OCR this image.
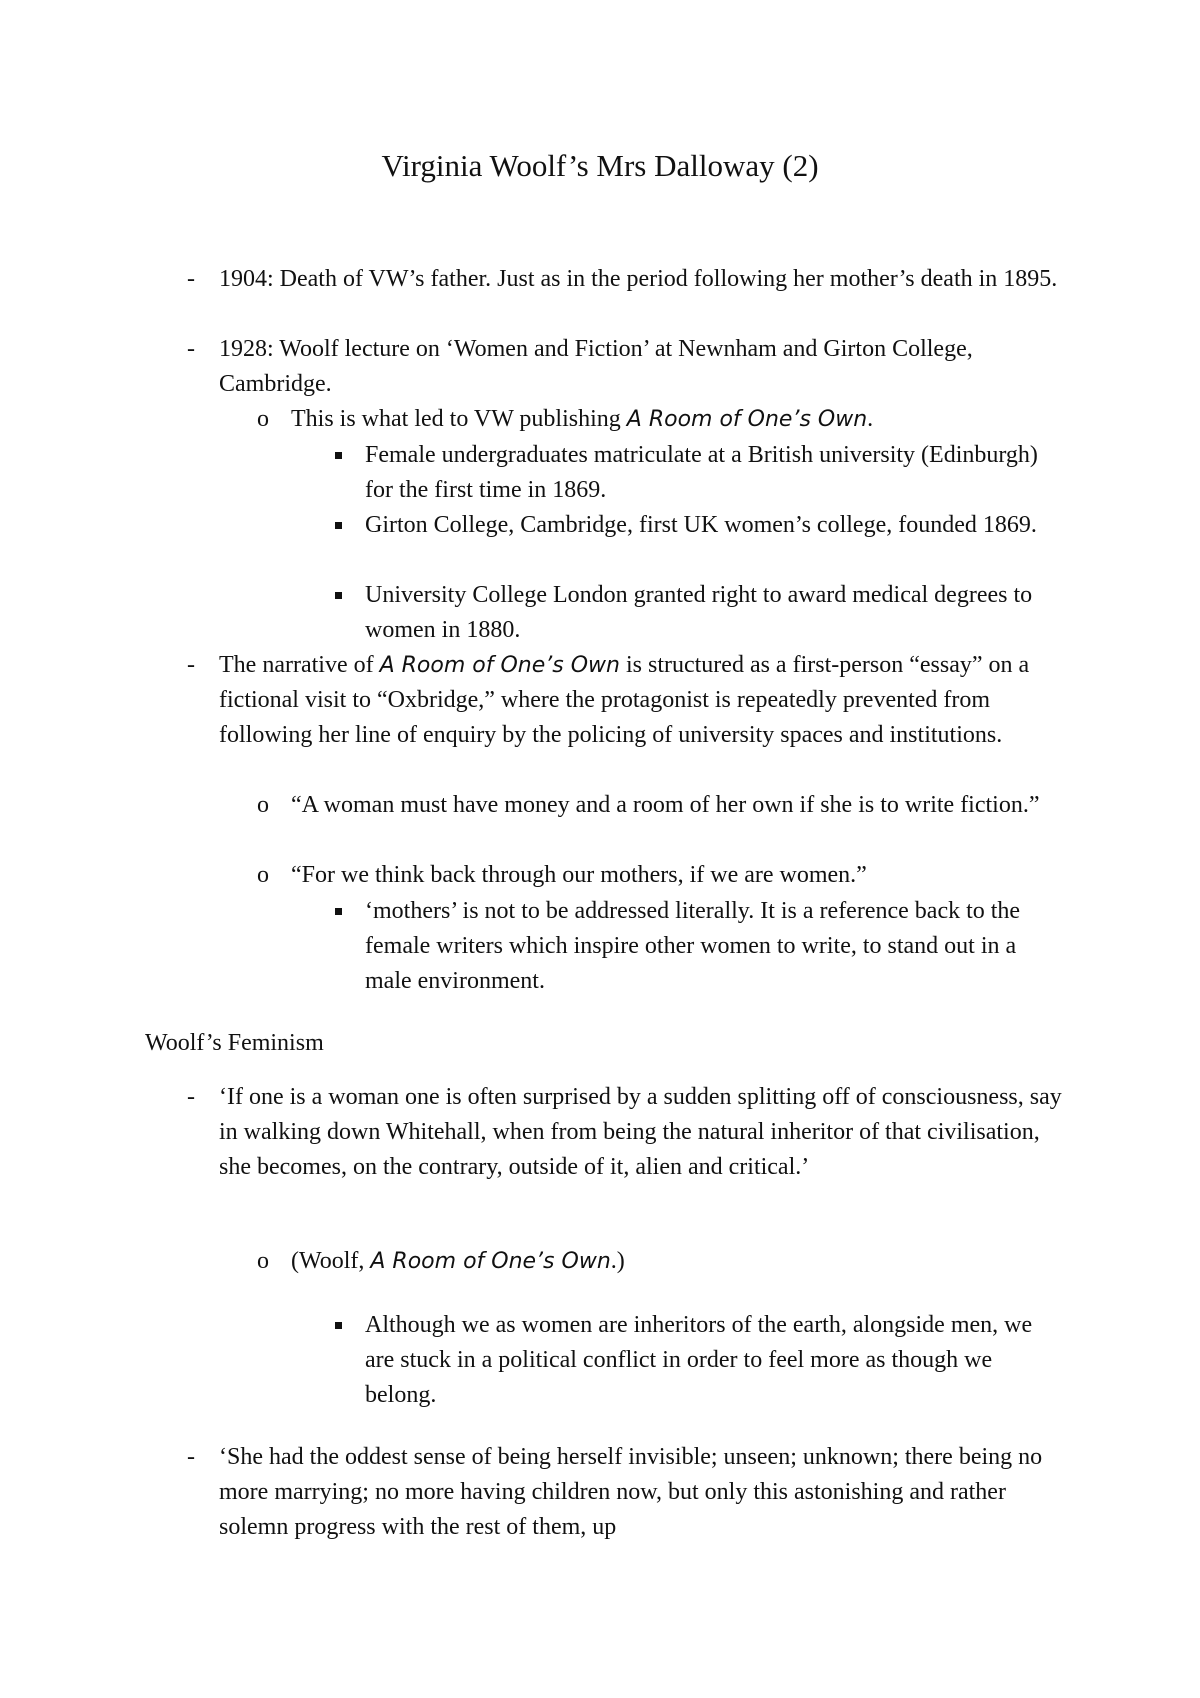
Virginia Woolf’s Mrs Dalloway (2)
- 1904: Death of VW’s father. Just as in the period following her mother’s death in 1895.
- 1928: Woolf lecture on ‘Women and Fiction’ at Newnham and Girton College, Cambridge.
o This is what led to VW publishing A Room of One’s Own.
Female undergraduates matriculate at a British university (Edinburgh) for the first time in 1869.
Girton College, Cambridge, first UK women’s college, founded 1869.
University College London granted right to award medical degrees to women in 1880.
- The narrative of A Room of One’s Own is structured as a first-person “essay” on a fictional visit to “Oxbridge,” where the protagonist is repeatedly prevented from following her line of enquiry by the policing of university spaces and institutions.
o “A woman must have money and a room of her own if she is to write fiction.”
o “For we think back through our mothers, if we are women.”
‘mothers’ is not to be addressed literally. It is a reference back to the female writers which inspire other women to write, to stand out in a male environment.
Woolf’s Feminism
- ‘If one is a woman one is often surprised by a sudden splitting off of consciousness, say in walking down Whitehall, when from being the natural inheritor of that civilisation, she becomes, on the contrary, outside of it, alien and critical.’
o (Woolf, A Room of One’s Own.)
Although we as women are inheritors of the earth, alongside men, we are stuck in a political conflict in order to feel more as though we belong.
- ‘She had the oddest sense of being herself invisible; unseen; unknown; there being no more marrying; no more having children now, but only this astonishing and rather solemn progress with the rest of them, up
